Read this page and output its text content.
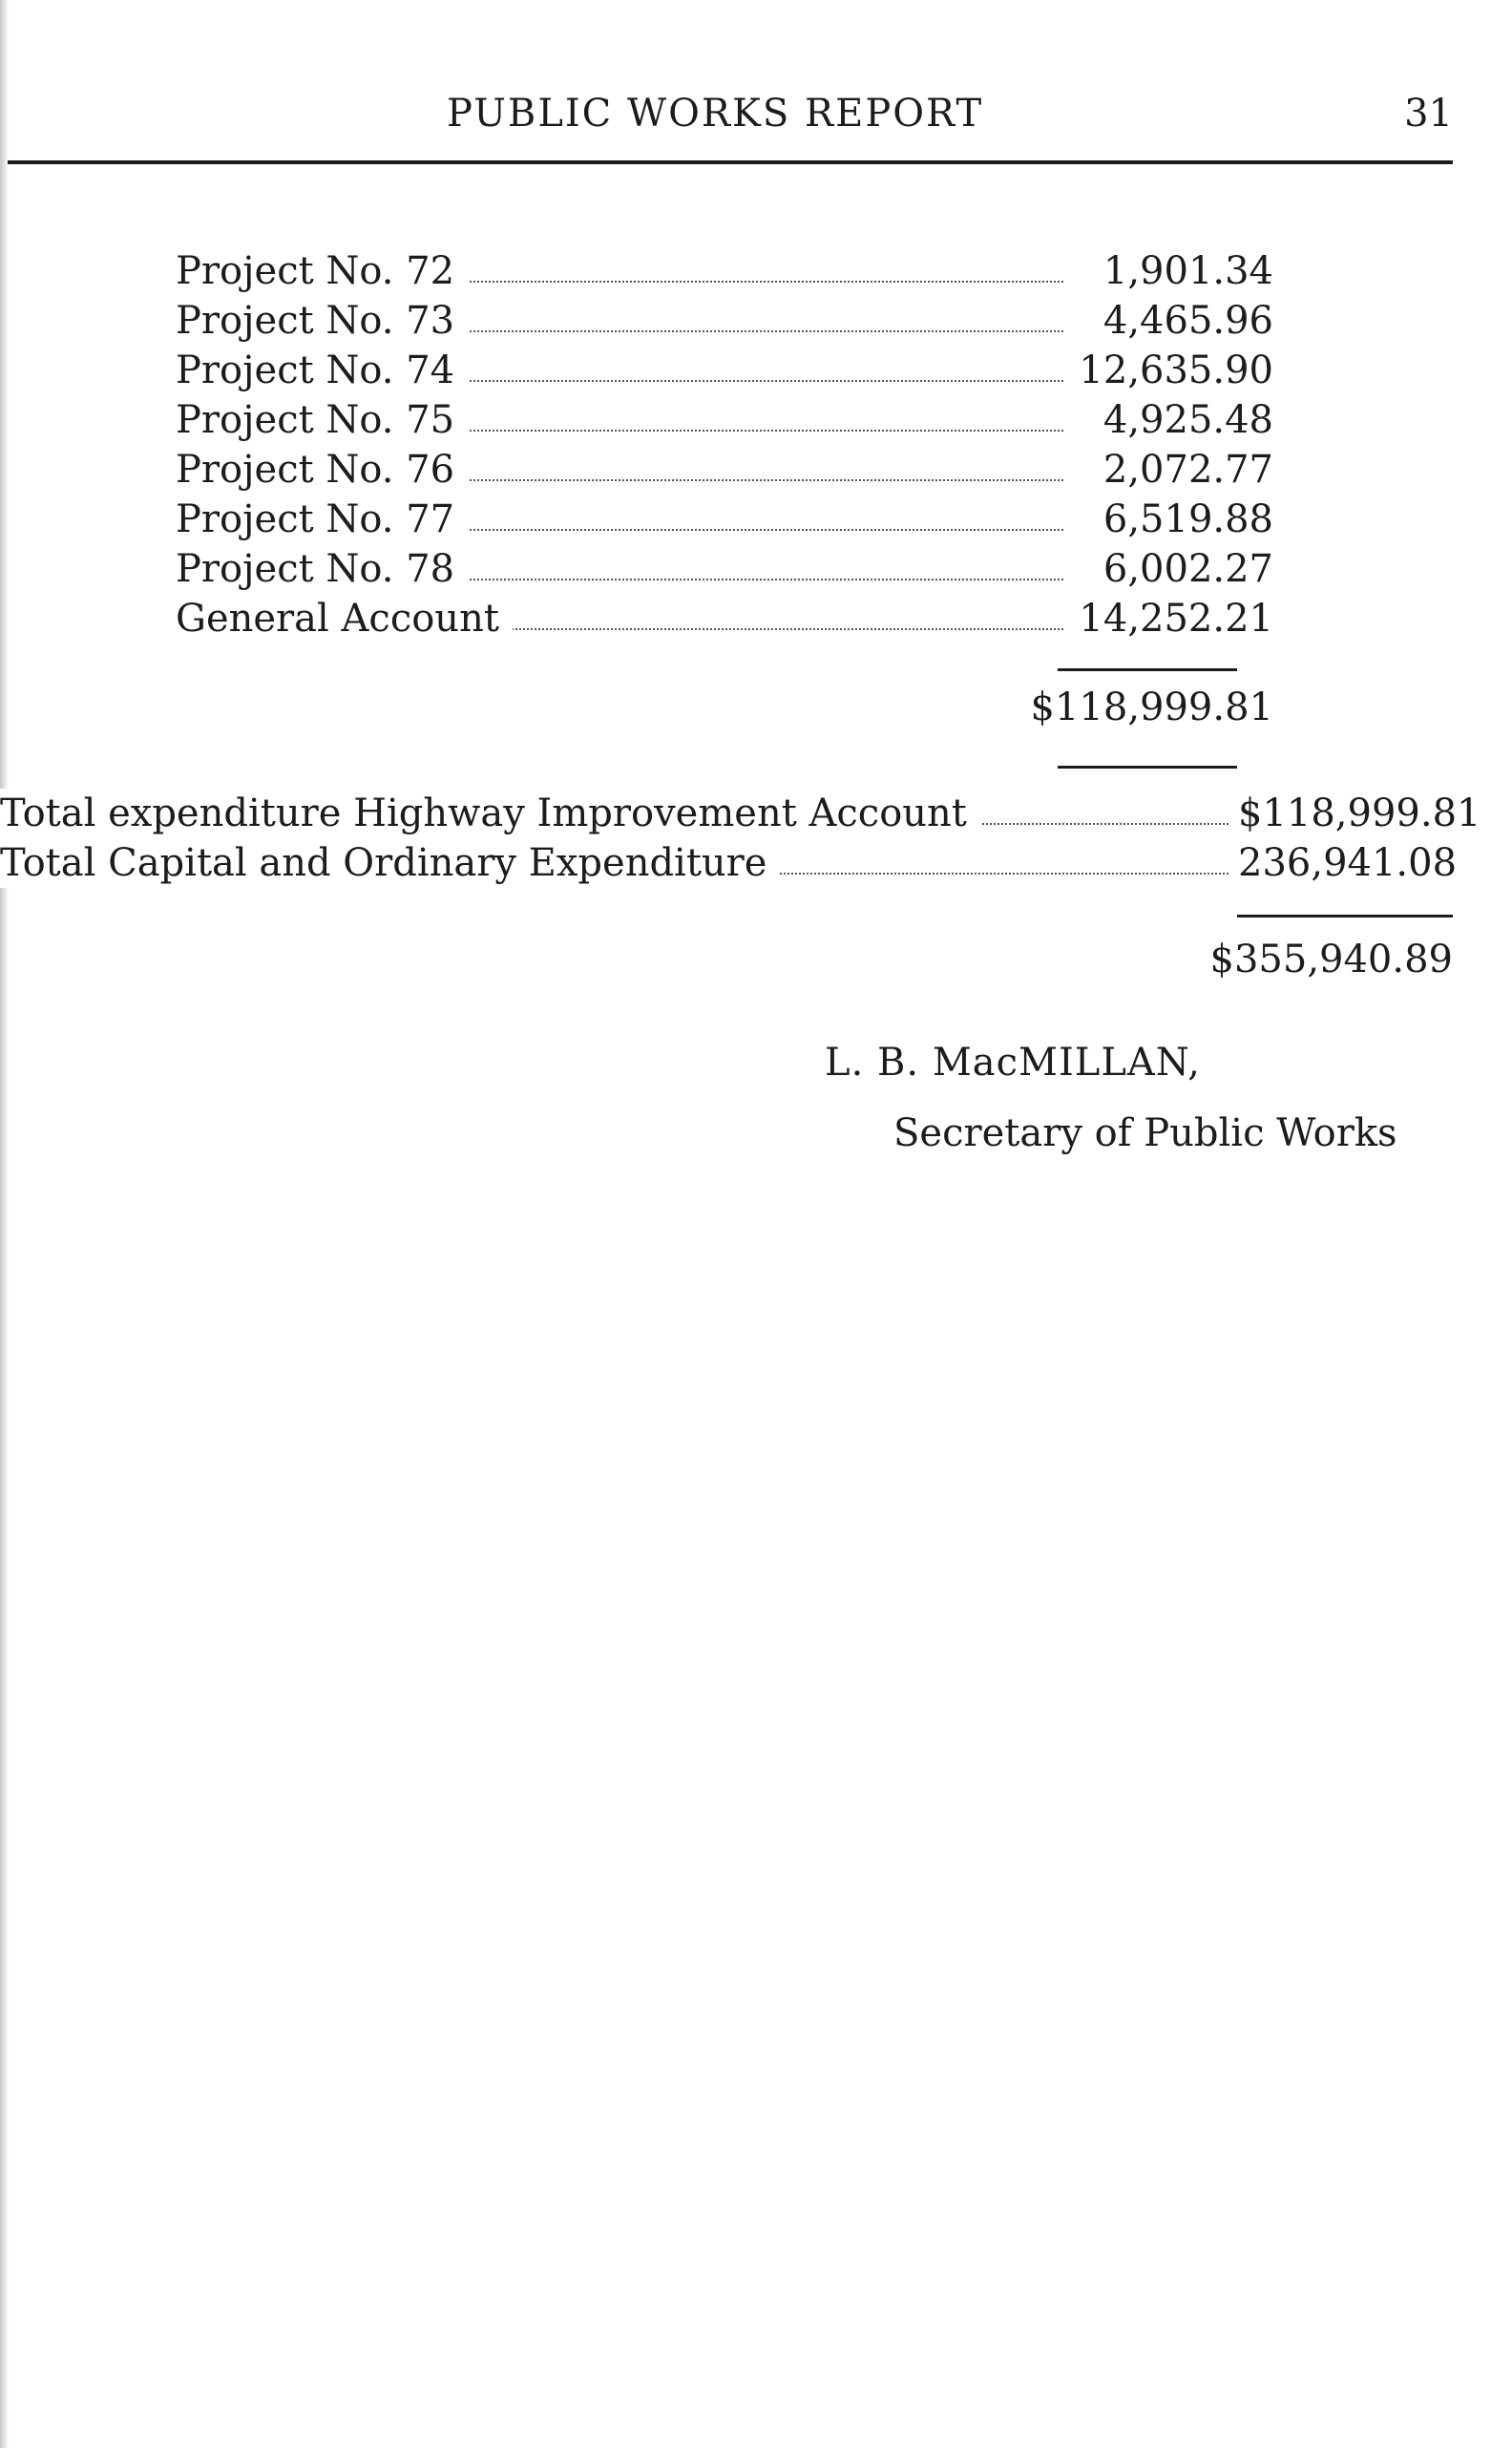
PUBLIC WORKS REPORT	31
Project No. 72	1,901.34
Project No. 73	4,465.96
Project No. 74	12,635.90
Project No. 75	4,925.48
Project No. 76	2,072.77
Project No. 77	6,519.88
Project No. 78	6,002.27
General Account	14,252.21
$118,999.81
Total expenditure Highway Improvement Account	$118,999.81
Total Capital and Ordinary Expenditure	236,941.08
$355,940.89
L. B. MacMILLAN,
Secretary of Public Works
